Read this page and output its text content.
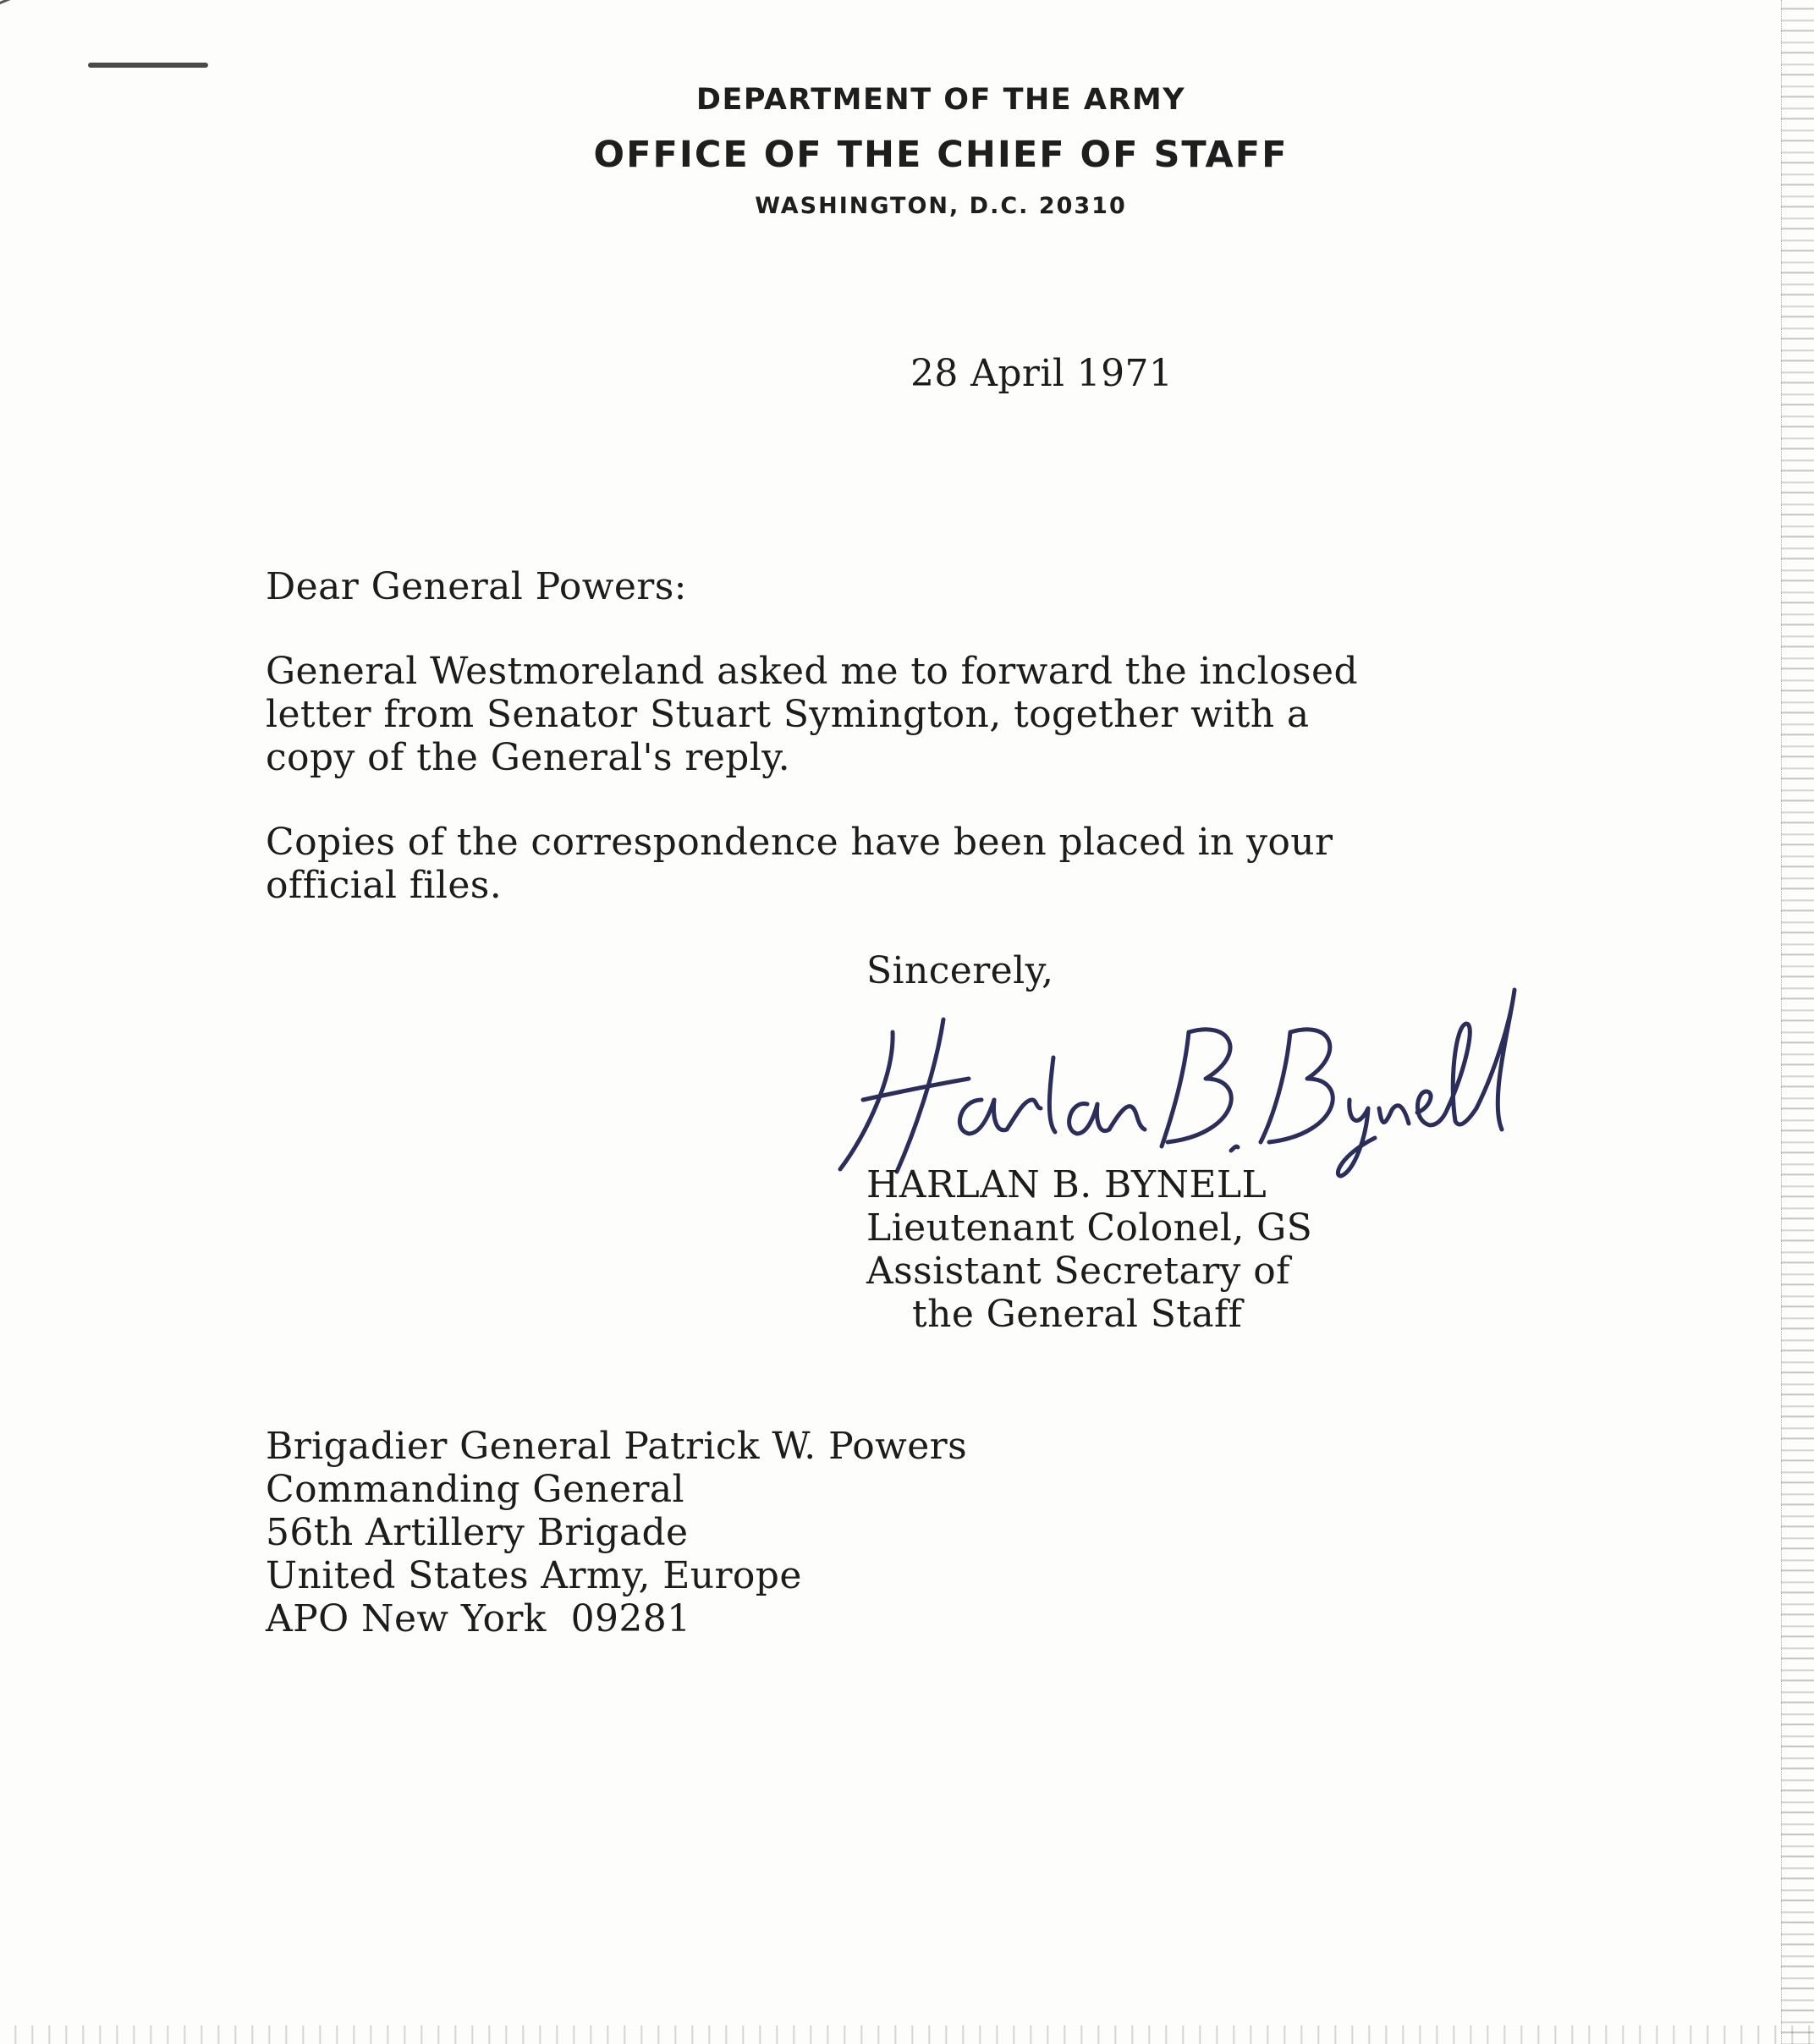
DEPARTMENT OF THE ARMY
OFFICE OF THE CHIEF OF STAFF
WASHINGTON, D.C. 20310
28 April 1971
Dear General Powers:
General Westmoreland asked me to forward the inclosed
letter from Senator Stuart Symington, together with a
copy of the General's reply.
Copies of the correspondence have been placed in your
official files.
Sincerely,
HARLAN B. BYNELL
Lieutenant Colonel, GS
Assistant Secretary of
the General Staff
Brigadier General Patrick W. Powers
Commanding General
56th Artillery Brigade
United States Army, Europe
APO New York  09281
